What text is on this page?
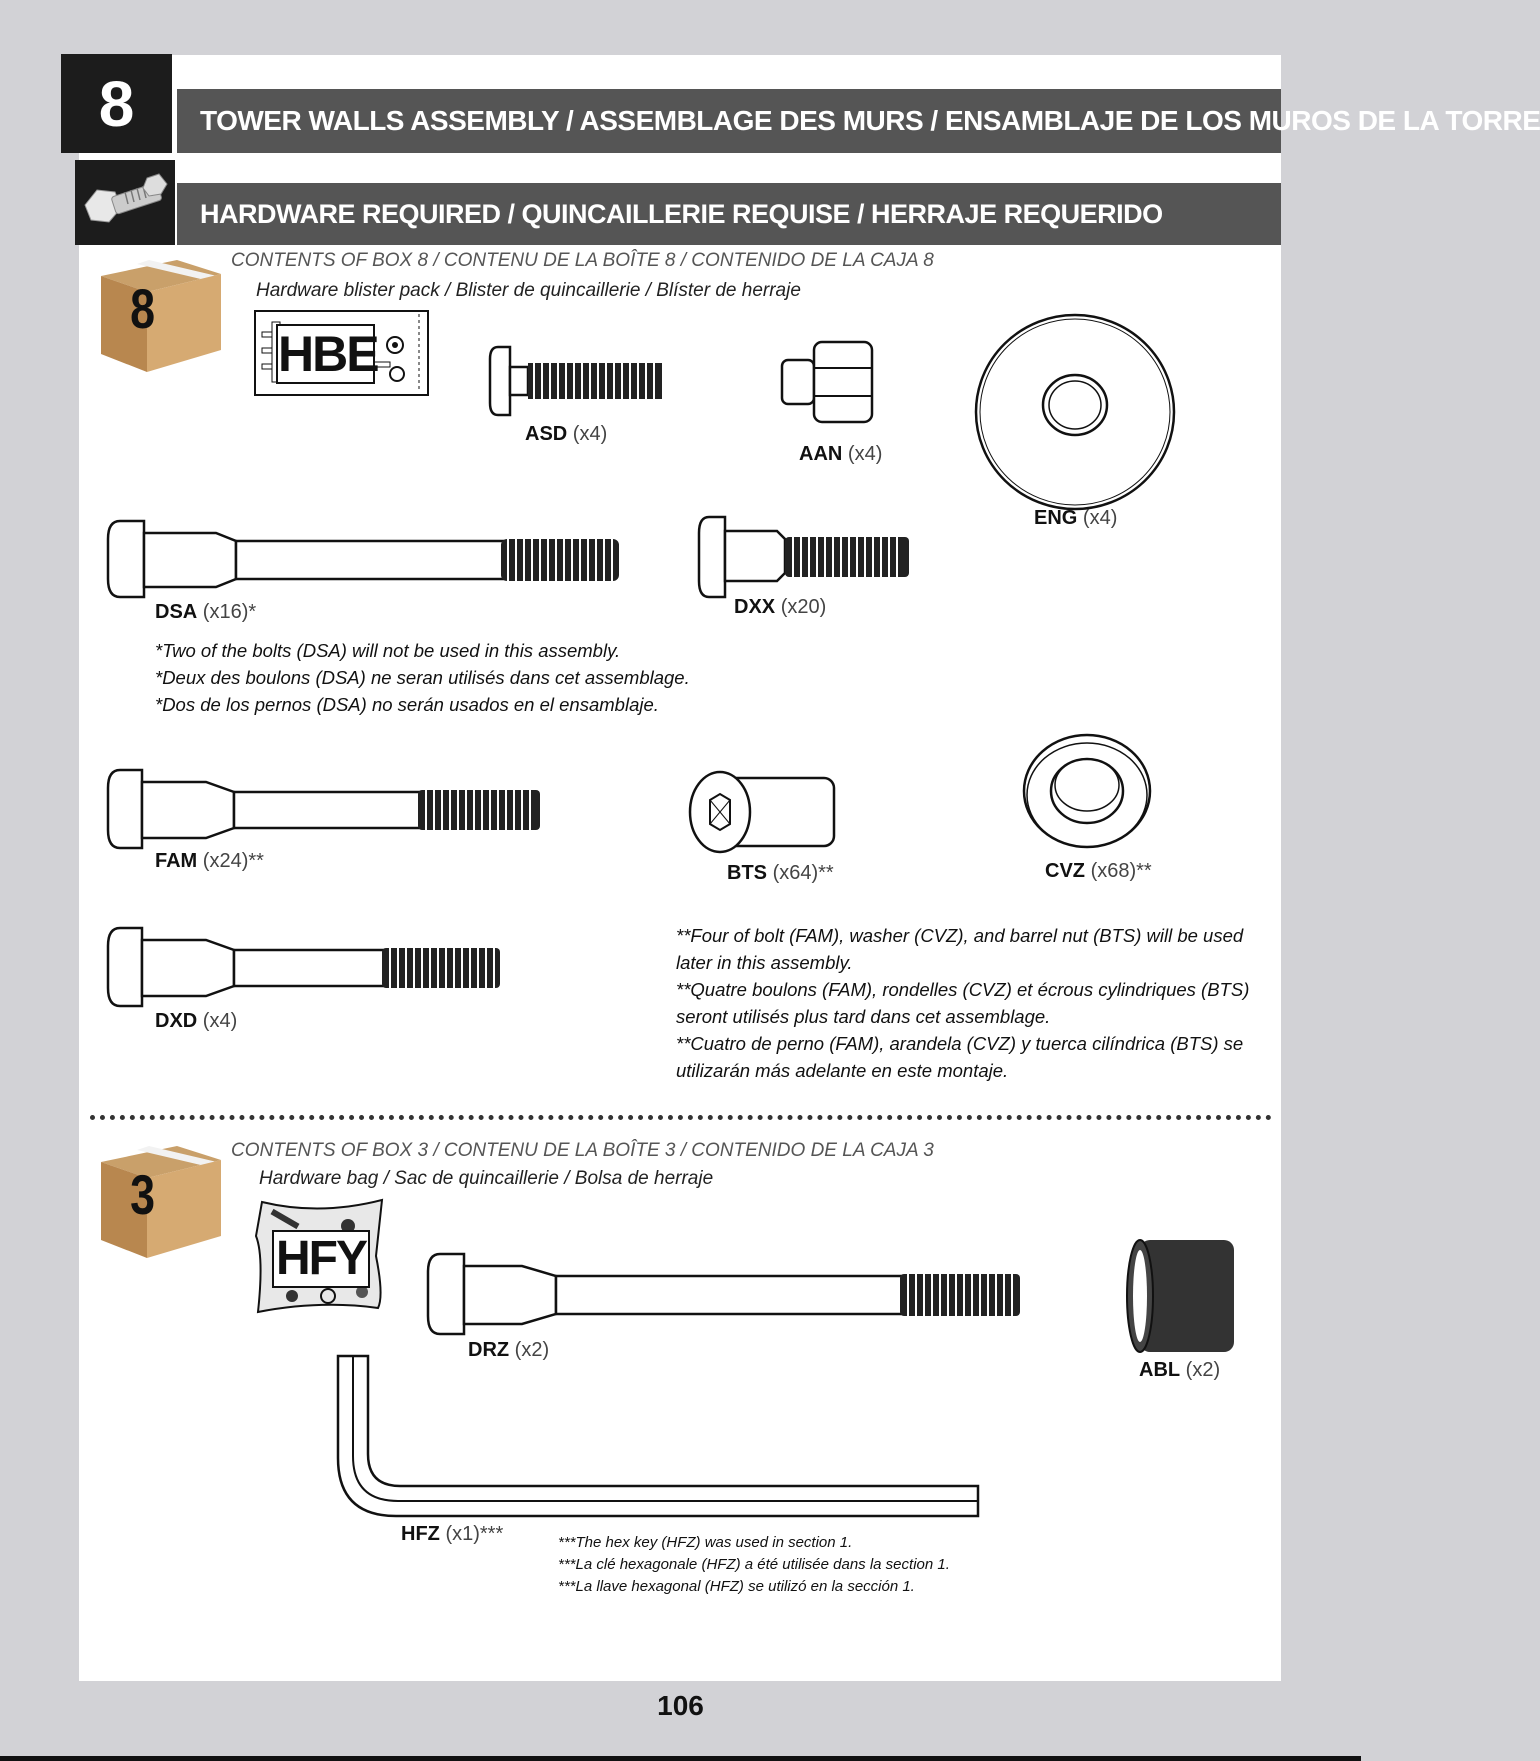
8	TOWER WALLS ASSEMBLY / ASSEMBLAGE DES MURS / ENSAMBLAJE DE LOS MUROS DE LA TORRE
HARDWARE REQUIRED / QUINCAILLERIE REQUISE / HERRAJE REQUERIDO
8
CONTENTS OF BOX 8 / CONTENU DE LA BOÎTE 8 / CONTENIDO DE LA CAJA 8
Hardware blister pack / Blister de quincaillerie / Blíster de herraje
HBE
ASD (x4)
AAN (x4)
ENG (x4)
DSA (x16)*	DXX (x20)
*Two of the bolts (DSA) will not be used in this assembly.
*Deux des boulons (DSA) ne seran utilisés dans cet assemblage.
*Dos de los pernos (DSA) no serán usados en el ensamblaje.
FAM (x24)**
BTS (x64)**	CVZ (x68)**
DXD (x4)
**Four of bolt (FAM), washer (CVZ), and barrel nut (BTS) will be used
later in this assembly.
**Quatre boulons (FAM), rondelles (CVZ) et écrous cylindriques (BTS)
seront utilisés plus tard dans cet assemblage.
**Cuatro de perno (FAM), arandela (CVZ) y tuerca cilíndrica (BTS) se
utilizarán más adelante en este montaje.
3
CONTENTS OF BOX 3 / CONTENU DE LA BOÎTE 3 / CONTENIDO DE LA CAJA 3
Hardware bag / Sac de quincaillerie / Bolsa de herraje
HFY
DRZ (x2)
ABL (x2)
HFZ (x1)***	***The hex key (HFZ) was used in section 1.
***La clé hexagonale (HFZ) a été utilisée dans la section 1.
***La llave hexagonal (HFZ) se utilizó en la sección 1.
106
